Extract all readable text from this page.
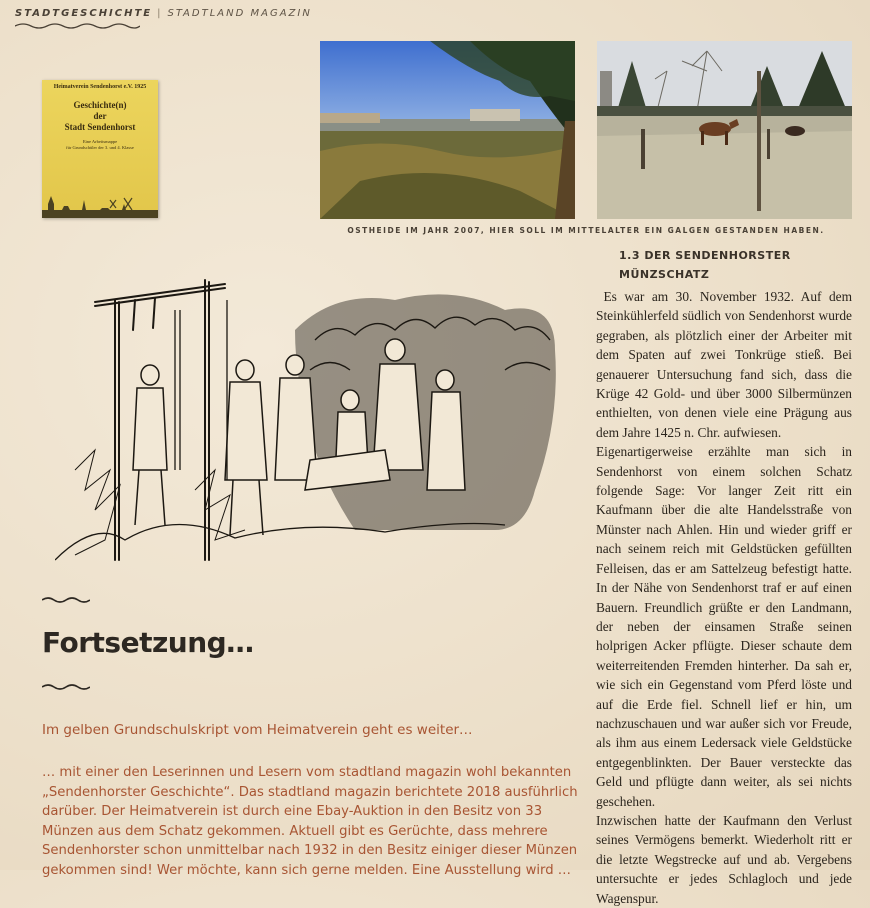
STADTGESCHICHTE | STADTLAND MAGAZIN
Heimatverein Sendenhorst e.V. 1925
Geschichte(n)
der
Stadt Sendenhorst
Eine Arbeitsmappe
für Grundschüler der 3. und 4. Klasse
OSTHEIDE IM JAHR 2007, HIER SOLL IM MITTELALTER EIN GALGEN GESTANDEN HABEN.
1.3 DER SENDENHORSTER
MÜNZSCHATZ

Es war am 30. November 1932. Auf dem Steinkühlerfeld südlich von Sendenhorst wurde gegraben, als plötzlich einer der Arbeiter mit dem Spaten auf zwei Tonkrüge stieß. Bei genauerer Untersuchung fand sich, dass die Krüge 42 Gold- und über 3000 Silbermünzen enthielten, von denen viele eine Prägung aus dem Jahre 1425 n. Chr. aufwiesen.

Eigenartigerweise erzählte man sich in Sendenhorst von einem solchen Schatz folgende Sage: Vor langer Zeit ritt ein Kaufmann über die alte Handelsstraße von Münster nach Ahlen. Hin und wieder griff er nach seinem reich mit Geldstücken gefüllten Felleisen, das er am Sattelzeug befestigt hatte. In der Nähe von Sendenhorst traf er auf einen Bauern. Freundlich grüßte er den Landmann, der neben der einsamen Straße seinen holprigen Acker pflügte. Dieser schaute dem weiterreitenden Fremden hinterher. Da sah er, wie sich ein Gegenstand vom Pferd löste und auf die Erde fiel. Schnell lief er hin, um nachzuschauen und war außer sich vor Freude, als ihm aus einem Ledersack viele Geldstücke entgegenblinkten. Der Bauer versteckte das Geld und pflügte dann weiter, als sei nichts geschehen.

Inzwischen hatte der Kaufmann den Verlust seines Vermögens bemerkt. Wiederholt ritt er die letzte Wegstrecke auf und ab. Vergebens untersuchte er jedes Schlagloch und jede Wagenspur.

Fortsetzung…
Im gelben Grundschulskript vom Heimatverein geht es weiter…
… mit einer den Leserinnen und Lesern vom stadtland magazin wohl bekannten „Sendenhorster Geschichte“. Das stadtland magazin berichtete 2018 ausführlich darüber. Der Heimatverein ist durch eine Ebay-Auktion in den Besitz von 33 Münzen aus dem Schatz gekommen. Aktuell gibt es Gerüchte, dass mehrere Sendenhorster schon unmittelbar nach 1932 in den Besitz einiger dieser Münzen gekommen sind! Wer möchte, kann sich gerne melden. Eine Ausstellung wird …
